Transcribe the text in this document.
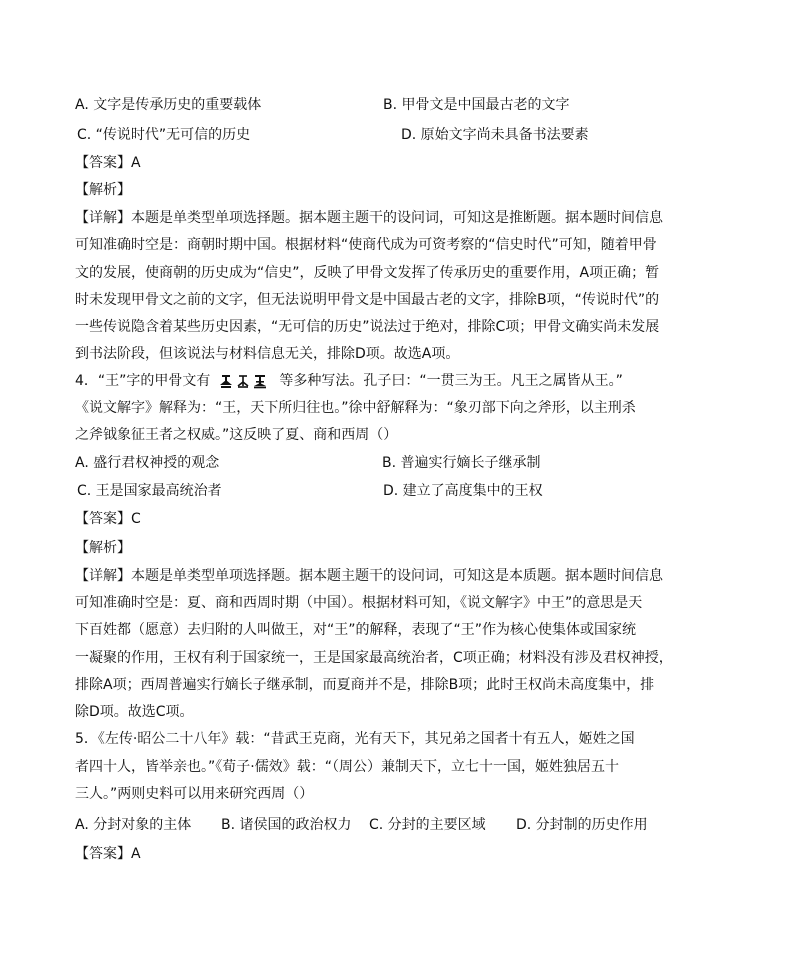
A. 文字是传承历史的重要载体	B. 甲骨文是中国最古老的文字
C. “传说时代”无可信的历史	D. 原始文字尚未具备书法要素
【答案】A
【解析】
【详解】本题是单类型单项选择题。据本题主题干的设问词，可知这是推断题。据本题时间信息
可知准确时空是：商朝时期中国。根据材料“使商代成为可资考察的“信史时代”可知，随着甲骨
文的发展，使商朝的历史成为“信史”，反映了甲骨文发挥了传承历史的重要作用，A项正确；暂
时未发现甲骨文之前的文字，但无法说明甲骨文是中国最古老的文字，排除B项，“传说时代”的
一些传说隐含着某些历史因素，“无可信的历史”说法过于绝对，排除C项；甲骨文确实尚未发展
到书法阶段，但该说法与材料信息无关，排除D项。故选A项。
4．“王”字的甲骨文有	等多种写法。孔子曰：“一贯三为王。凡王之属皆从王。”
《说文解字》解释为：“王，天下所归往也。”徐中舒解释为：“象刃部下向之斧形，以主刑杀
之斧钺象征王者之权威。”这反映了夏、商和西周（）
A. 盛行君权神授的观念	B. 普遍实行嫡长子继承制
C. 王是国家最高统治者	D. 建立了高度集中的王权
【答案】C
【解析】
【详解】本题是单类型单项选择题。据本题主题干的设问词，可知这是本质题。据本题时间信息
可知准确时空是：夏、商和西周时期（中国）。根据材料可知，《说文解字》中王”的意思是天
下百姓都（愿意）去归附的人叫做王，对“王”的解释，表现了“王”作为核心使集体或国家统
一凝聚的作用，王权有利于国家统一，王是国家最高统治者，C项正确；材料没有涉及君权神授，
排除A项；西周普遍实行嫡长子继承制，而夏商并不是，排除B项；此时王权尚未高度集中，排
除D项。故选C项。
5．《左传·昭公二十八年》载：“昔武王克商，光有天下，其兄弟之国者十有五人，姬姓之国
者四十人，皆举亲也。”《荀子·儒效》载：“（周公）兼制天下，立七十一国，姬姓独居五十
三人。”两则史料可以用来研究西周（）
A. 分封对象的主体 B. 诸侯国的政治权力 C. 分封的主要区域 D. 分封制的历史作用
【答案】A
